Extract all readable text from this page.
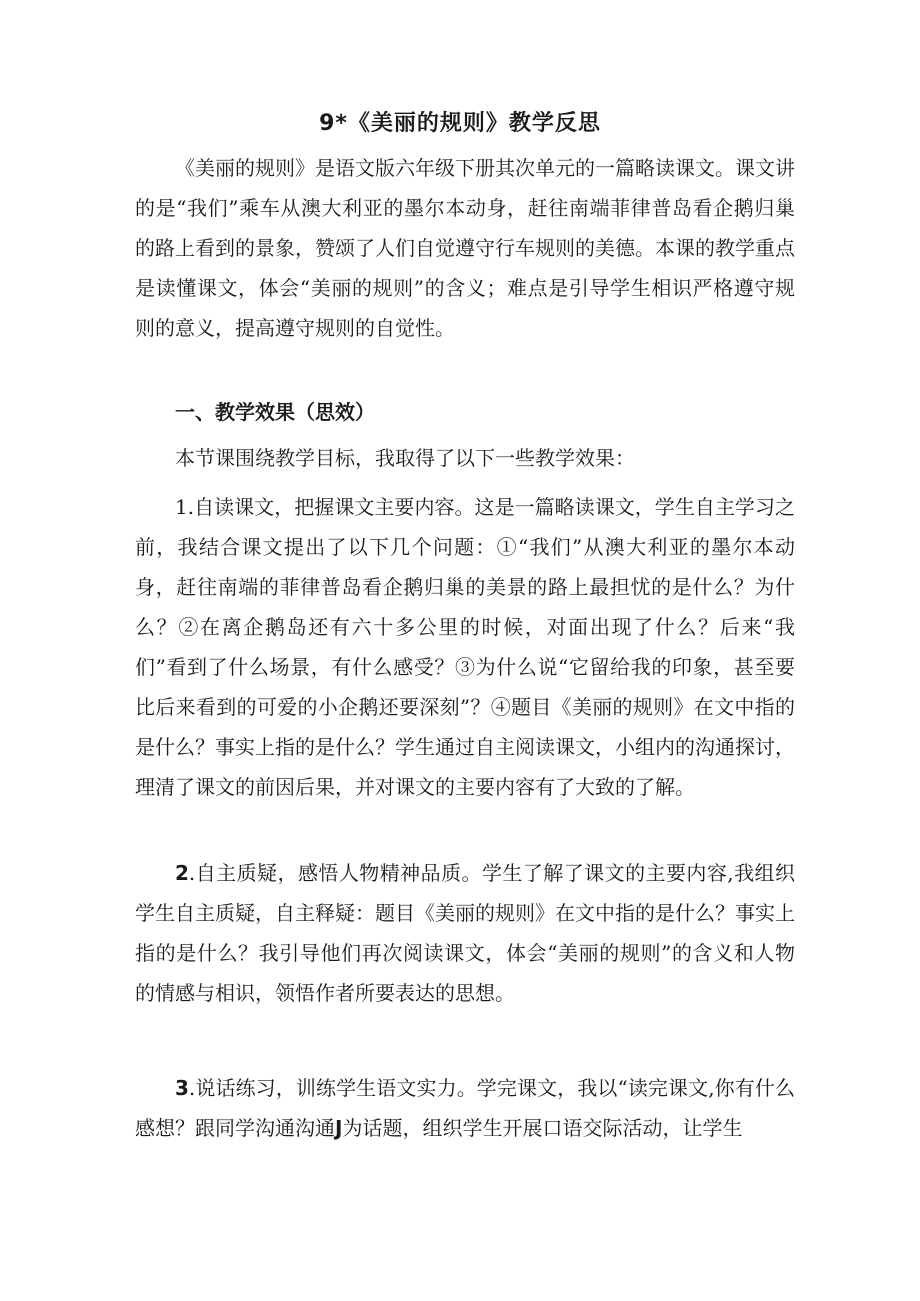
9*《美丽的规则》教学反思

《美丽的规则》是语文版六年级下册其次单元的一篇略读课文。课文讲的是“我们”乘车从澳大利亚的墨尔本动身，赶往南端菲律普岛看企鹅归巢的路上看到的景象，赞颂了人们自觉遵守行车规则的美德。本课的教学重点是读懂课文，体会“美丽的规则”的含义；难点是引导学生相识严格遵守规则的意义，提高遵守规则的自觉性。

一、教学效果（思效）

本节课围绕教学目标，我取得了以下一些教学效果：

1.自读课文，把握课文主要内容。这是一篇略读课文，学生自主学习之前，我结合课文提出了以下几个问题：①“我们”从澳大利亚的墨尔本动身，赶往南端的菲律普岛看企鹅归巢的美景的路上最担忧的是什么？为什么？②在离企鹅岛还有六十多公里的时候，对面出现了什么？后来“我们”看到了什么场景，有什么感受？③为什么说“它留给我的印象，甚至要比后来看到的可爱的小企鹅还要深刻”？④题目《美丽的规则》在文中指的是什么？事实上指的是什么？学生通过自主阅读课文，小组内的沟通探讨，理清了课文的前因后果，并对课文的主要内容有了大致的了解。

2.自主质疑，感悟人物精神品质。学生了解了课文的主要内容,我组织学生自主质疑，自主释疑：题目《美丽的规则》在文中指的是什么？事实上指的是什么？我引导他们再次阅读课文，体会“美丽的规则”的含义和人物的情感与相识，领悟作者所要表达的思想。

3.说话练习，训练学生语文实力。学完课文，我以“读完课文,你有什么感想？跟同学沟通沟通J为话题，组织学生开展口语交际活动，让学生
